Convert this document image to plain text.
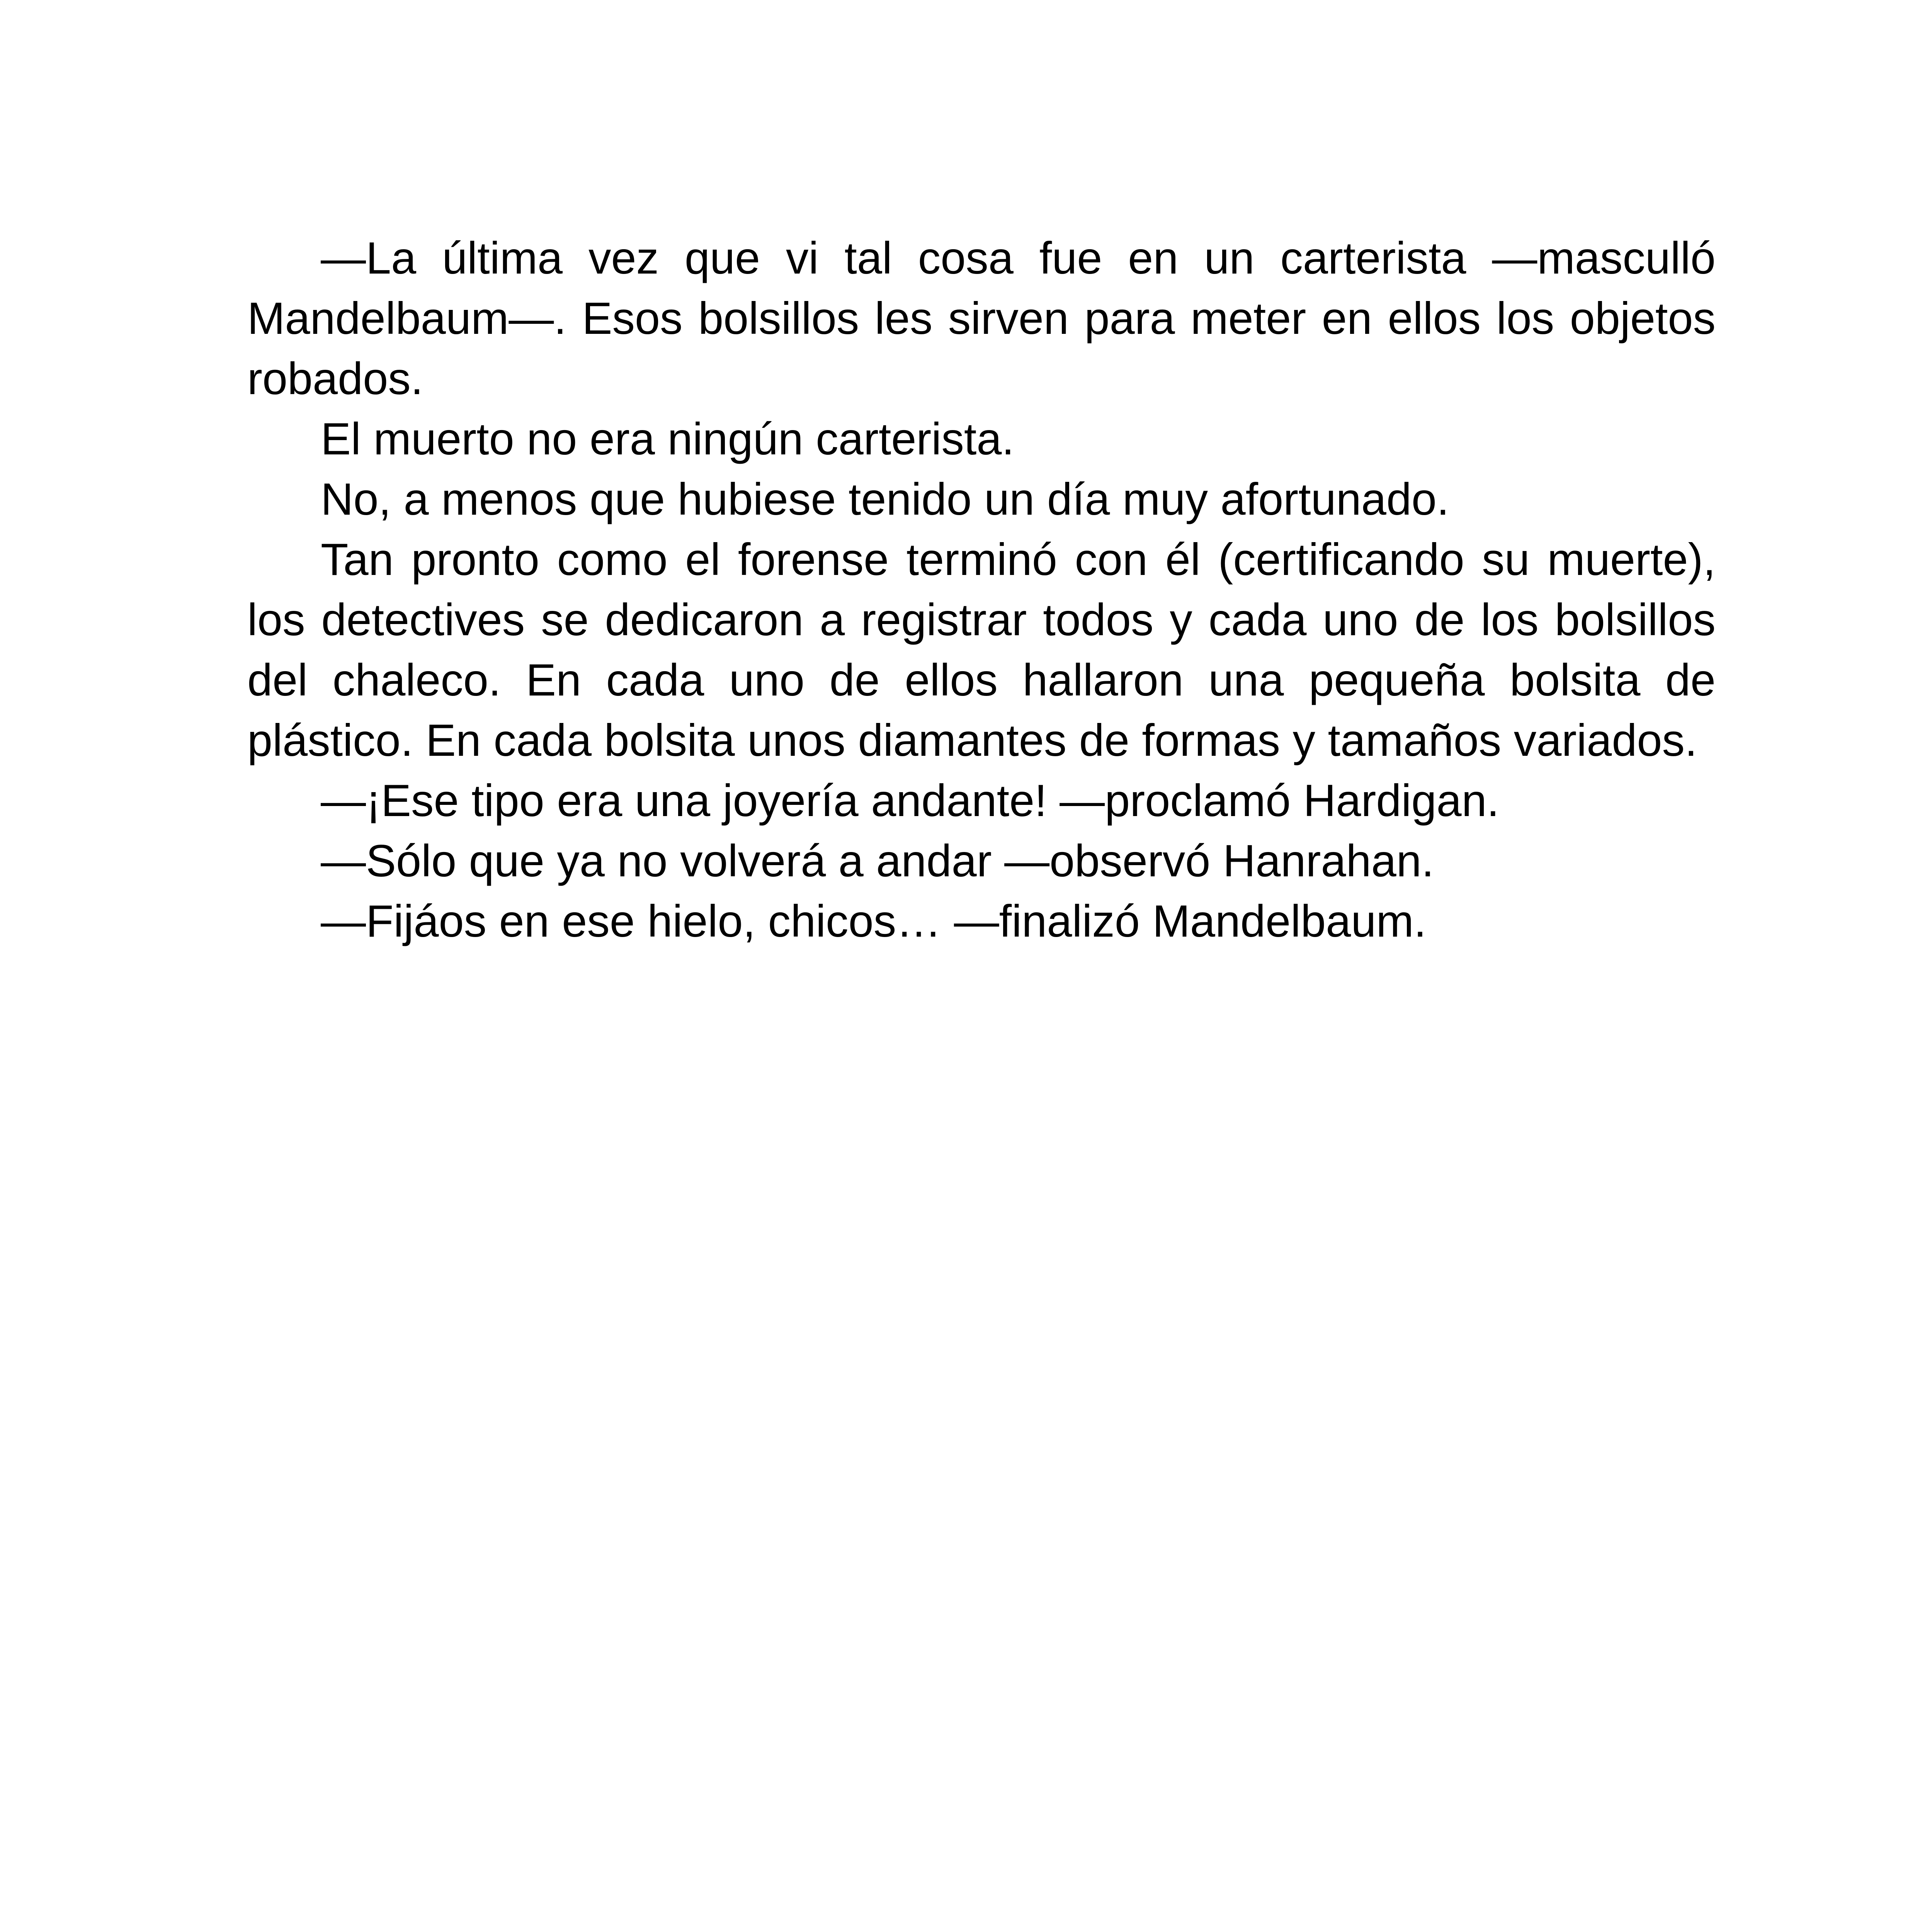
—La última vez que vi tal cosa fue en un carterista —masculló Mandelbaum—. Esos bolsillos les sirven para meter en ellos los objetos robados.

El muerto no era ningún carterista.

No, a menos que hubiese tenido un día muy afortunado.

Tan pronto como el forense terminó con él (certificando su muerte), los detectives se dedicaron a registrar todos y cada uno de los bolsillos del chaleco. En cada uno de ellos hallaron una pequeña bolsita de plástico. En cada bolsita unos diamantes de formas y tamaños variados.

—¡Ese tipo era una joyería andante! —proclamó Hardigan.

—Sólo que ya no volverá a andar —observó Hanrahan.

—Fijáos en ese hielo, chicos… —finalizó Mandelbaum.
